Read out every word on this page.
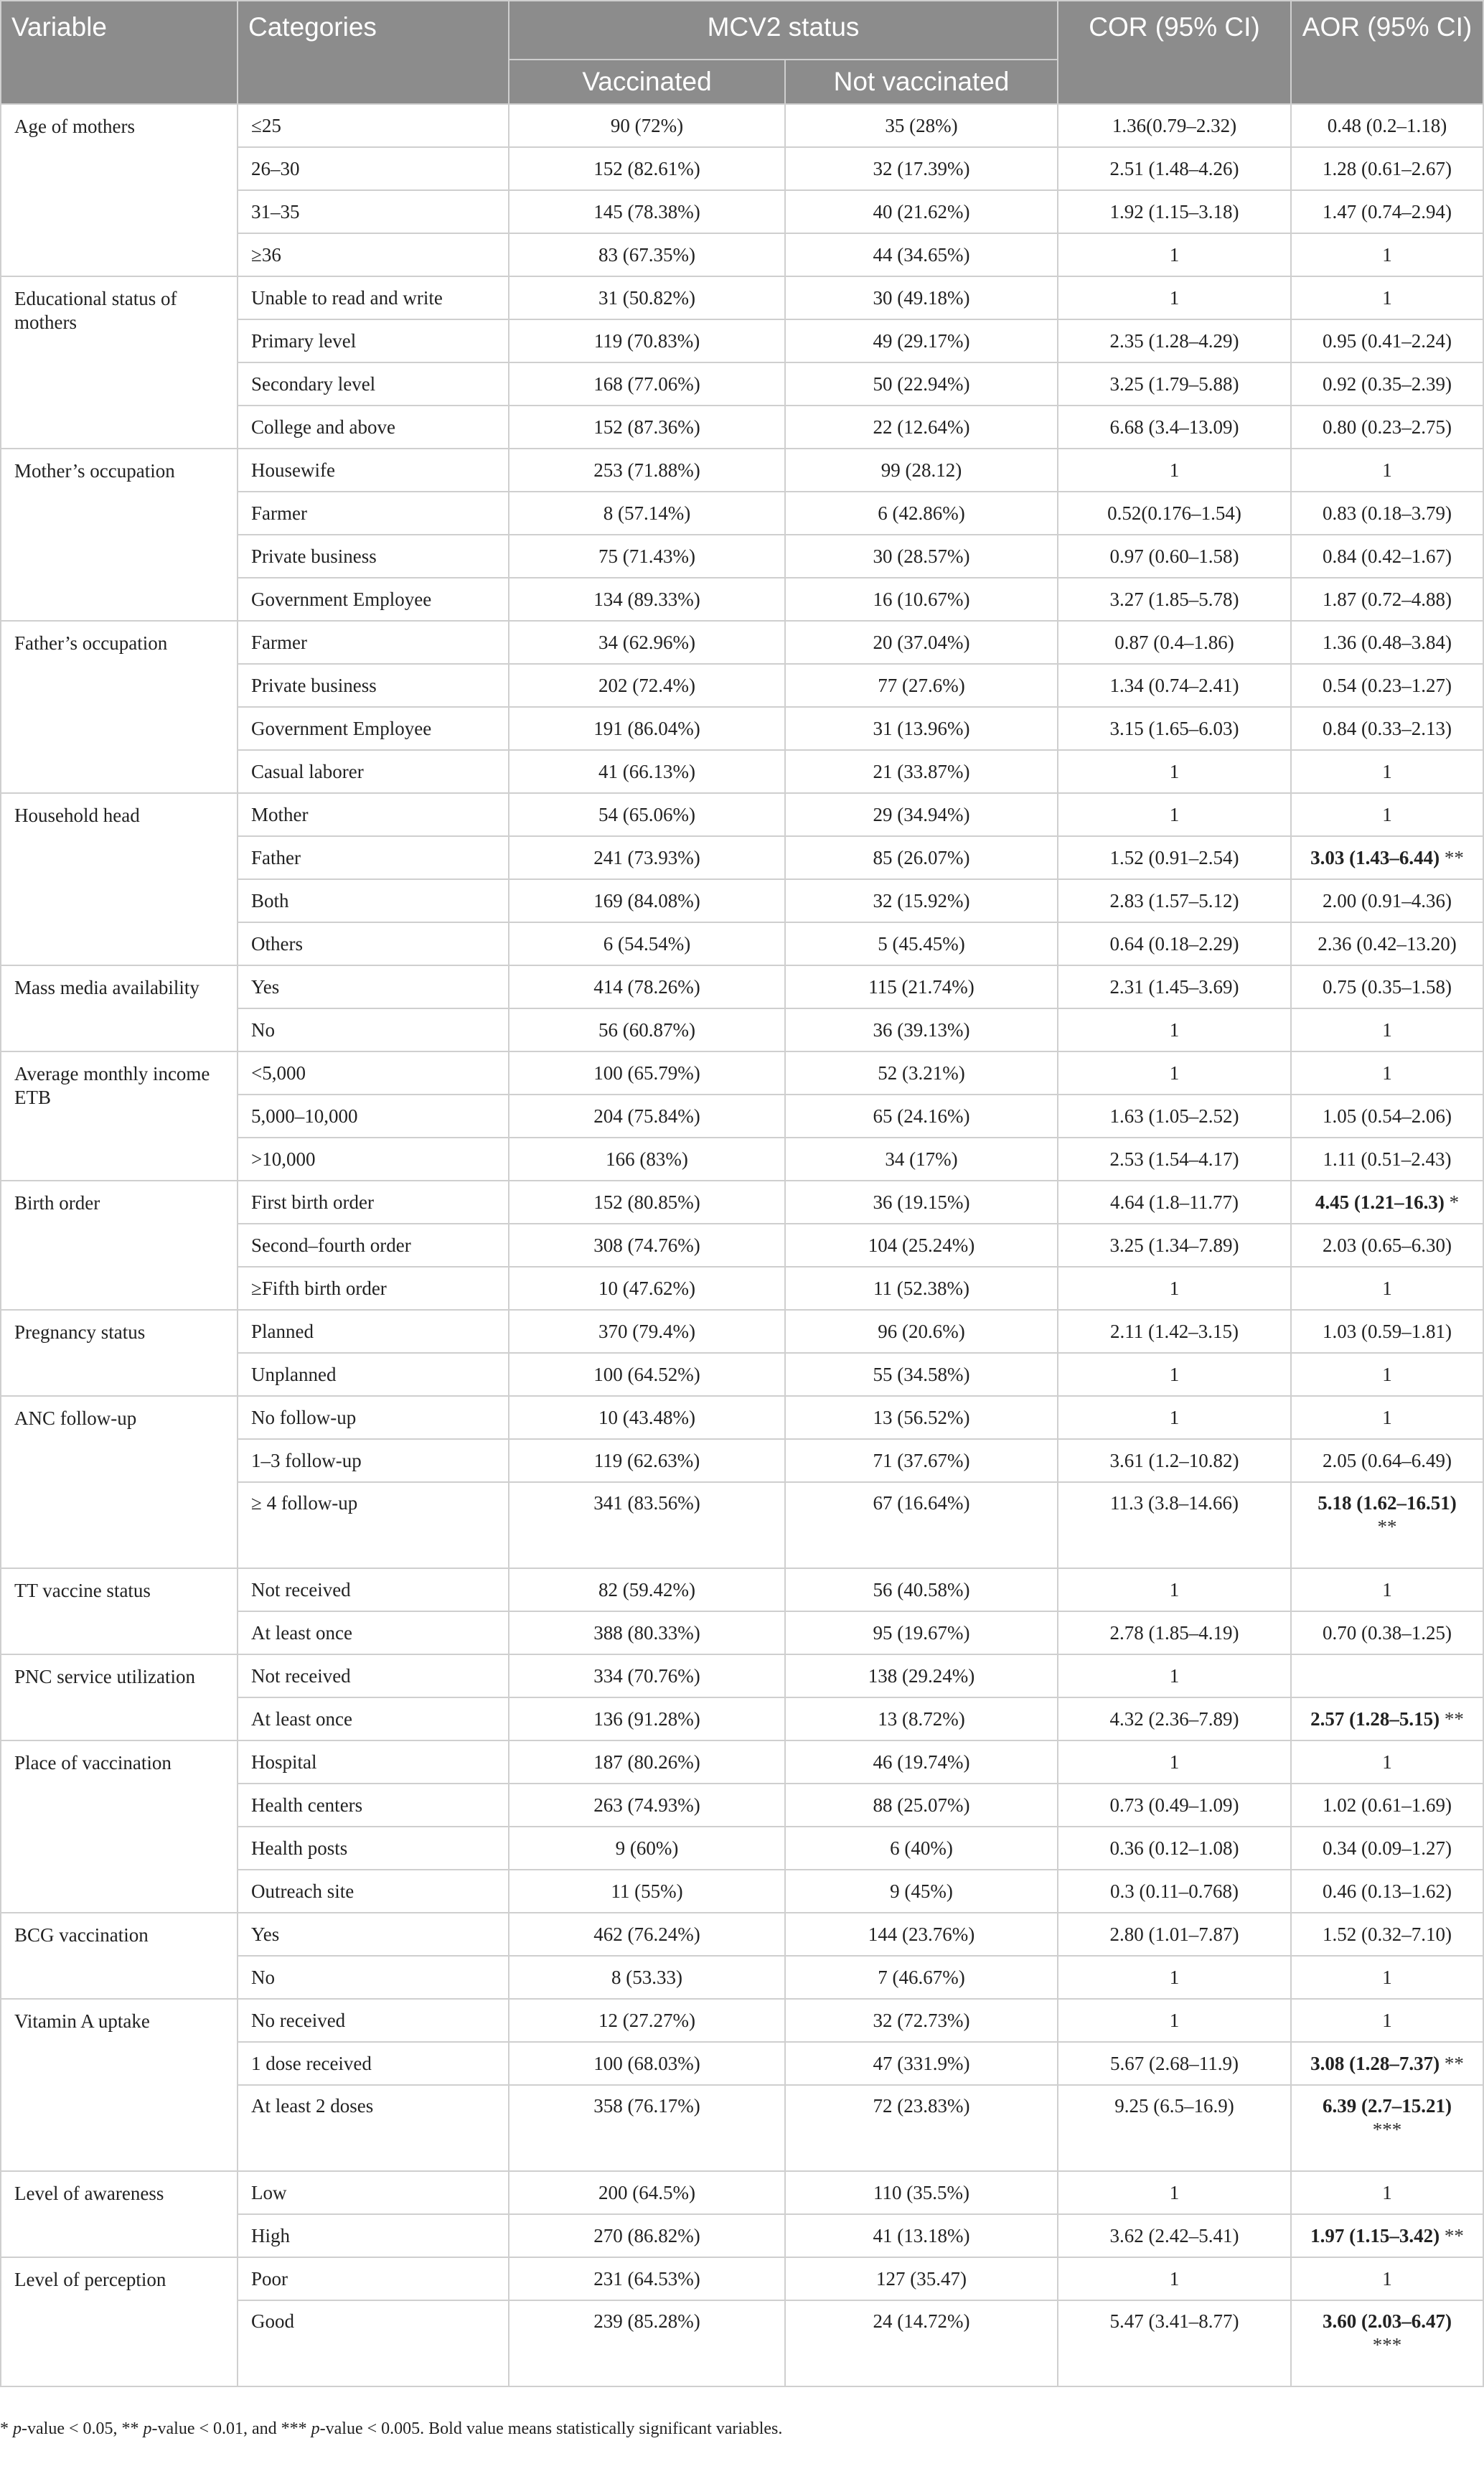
Variable	Categories	MCV2 status		COR (95% CI)	AOR (95% CI)
		Vaccinated	Not vaccinated		
Age of mothers	≤25	90 (72%)	35 (28%)	1.36(0.79–2.32)	0.48 (0.2–1.18)
	26–30	152 (82.61%)	32 (17.39%)	2.51 (1.48–4.26)	1.28 (0.61–2.67)
	31–35	145 (78.38%)	40 (21.62%)	1.92 (1.15–3.18)	1.47 (0.74–2.94)
	≥36	83 (67.35%)	44 (34.65%)	1	1
Educational status of mothers	Unable to read and write	31 (50.82%)	30 (49.18%)	1	1
	Primary level	119 (70.83%)	49 (29.17%)	2.35 (1.28–4.29)	0.95 (0.41–2.24)
	Secondary level	168 (77.06%)	50 (22.94%)	3.25 (1.79–5.88)	0.92 (0.35–2.39)
	College and above	152 (87.36%)	22 (12.64%)	6.68 (3.4–13.09)	0.80 (0.23–2.75)
Mother’s occupation	Housewife	253 (71.88%)	99 (28.12)	1	1
	Farmer	8 (57.14%)	6 (42.86%)	0.52(0.176–1.54)	0.83 (0.18–3.79)
	Private business	75 (71.43%)	30 (28.57%)	0.97 (0.60–1.58)	0.84 (0.42–1.67)
	Government Employee	134 (89.33%)	16 (10.67%)	3.27 (1.85–5.78)	1.87 (0.72–4.88)
Father’s occupation	Farmer	34 (62.96%)	20 (37.04%)	0.87 (0.4–1.86)	1.36 (0.48–3.84)
	Private business	202 (72.4%)	77 (27.6%)	1.34 (0.74–2.41)	0.54 (0.23–1.27)
	Government Employee	191 (86.04%)	31 (13.96%)	3.15 (1.65–6.03)	0.84 (0.33–2.13)
	Casual laborer	41 (66.13%)	21 (33.87%)	1	1
Household head	Mother	54 (65.06%)	29 (34.94%)	1	1
	Father	241 (73.93%)	85 (26.07%)	1.52 (0.91–2.54)	3.03 (1.43–6.44) **
	Both	169 (84.08%)	32 (15.92%)	2.83 (1.57–5.12)	2.00 (0.91–4.36)
	Others	6 (54.54%)	5 (45.45%)	0.64 (0.18–2.29)	2.36 (0.42–13.20)
Mass media availability	Yes	414 (78.26%)	115 (21.74%)	2.31 (1.45–3.69)	0.75 (0.35–1.58)
	No	56 (60.87%)	36 (39.13%)	1	1
Average monthly income ETB	<5,000	100 (65.79%)	52 (3.21%)	1	1
	5,000–10,000	204 (75.84%)	65 (24.16%)	1.63 (1.05–2.52)	1.05 (0.54–2.06)
	>10,000	166 (83%)	34 (17%)	2.53 (1.54–4.17)	1.11 (0.51–2.43)
Birth order	First birth order	152 (80.85%)	36 (19.15%)	4.64 (1.8–11.77)	4.45 (1.21–16.3) *
	Second–fourth order	308 (74.76%)	104 (25.24%)	3.25 (1.34–7.89)	2.03 (0.65–6.30)
	≥Fifth birth order	10 (47.62%)	11 (52.38%)	1	1
Pregnancy status	Planned	370 (79.4%)	96 (20.6%)	2.11 (1.42–3.15)	1.03 (0.59–1.81)
	Unplanned	100 (64.52%)	55 (34.58%)	1	1
ANC follow-up	No follow-up	10 (43.48%)	13 (56.52%)	1	1
	1–3 follow-up	119 (62.63%)	71 (37.67%)	3.61 (1.2–10.82)	2.05 (0.64–6.49)
	≥ 4 follow-up	341 (83.56%)	67 (16.64%)	11.3 (3.8–14.66)	5.18 (1.62–16.51)
**
TT vaccine status	Not received	82 (59.42%)	56 (40.58%)	1	1
	At least once	388 (80.33%)	95 (19.67%)	2.78 (1.85–4.19)	0.70 (0.38–1.25)
PNC service utilization	Not received	334 (70.76%)	138 (29.24%)	1	
	At least once	136 (91.28%)	13 (8.72%)	4.32 (2.36–7.89)	2.57 (1.28–5.15) **
Place of vaccination	Hospital	187 (80.26%)	46 (19.74%)	1	1
	Health centers	263 (74.93%)	88 (25.07%)	0.73 (0.49–1.09)	1.02 (0.61–1.69)
	Health posts	9 (60%)	6 (40%)	0.36 (0.12–1.08)	0.34 (0.09–1.27)
	Outreach site	11 (55%)	9 (45%)	0.3 (0.11–0.768)	0.46 (0.13–1.62)
BCG vaccination	Yes	462 (76.24%)	144 (23.76%)	2.80 (1.01–7.87)	1.52 (0.32–7.10)
	No	8 (53.33)	7 (46.67%)	1	1
Vitamin A uptake	No received	12 (27.27%)	32 (72.73%)	1	1
	1 dose received	100 (68.03%)	47 (331.9%)	5.67 (2.68–11.9)	3.08 (1.28–7.37) **
	At least 2 doses	358 (76.17%)	72 (23.83%)	9.25 (6.5–16.9)	6.39 (2.7–15.21)
***
Level of awareness	Low	200 (64.5%)	110 (35.5%)	1	1
	High	270 (86.82%)	41 (13.18%)	3.62 (2.42–5.41)	1.97 (1.15–3.42) **
Level of perception	Poor	231 (64.53%)	127 (35.47)	1	1
	Good	239 (85.28%)	24 (14.72%)	5.47 (3.41–8.77)	3.60 (2.03–6.47)
***
* p-value < 0.05, ** p-value < 0.01, and *** p-value < 0.005. Bold value means statistically significant variables.
